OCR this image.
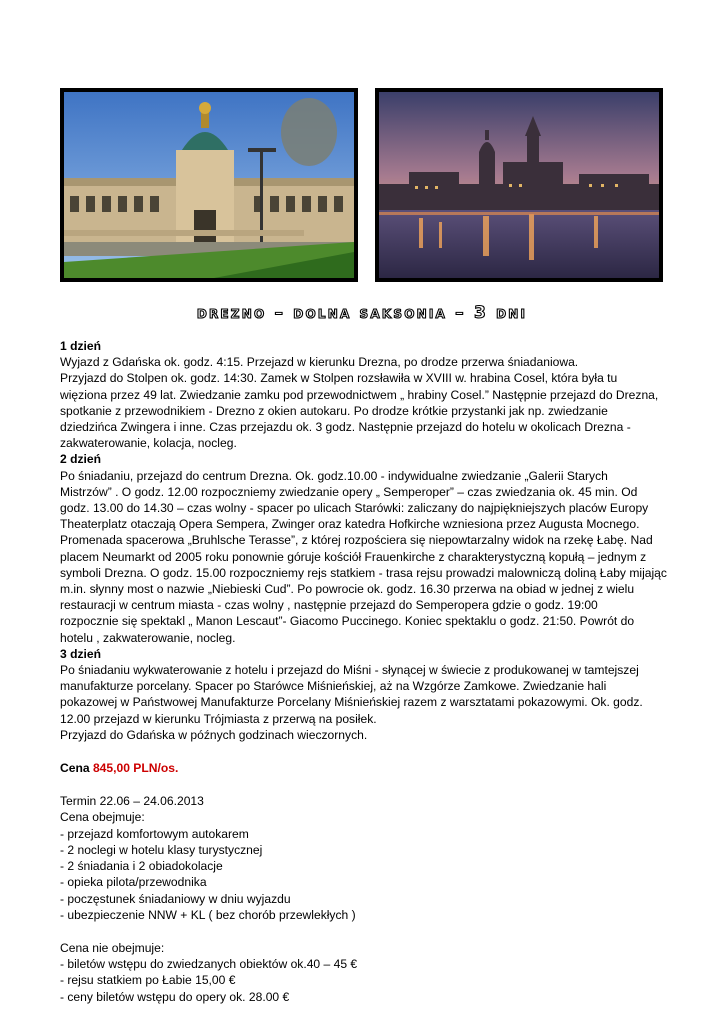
drezno – dolna saksonia – 3 dni

1 dzień

Wyjazd z Gdańska ok. godz. 4:15. Przejazd w kierunku Drezna, po drodze przerwa śniadaniowa.

Przyjazd do Stolpen ok. godz. 14:30. Zamek w Stolpen rozsławiła w XVIII w. hrabina Cosel, która była tu

więziona przez 49 lat. Zwiedzanie zamku pod przewodnictwem „ hrabiny Cosel.” Następnie przejazd do Drezna,

spotkanie z przewodnikiem - Drezno z okien autokaru. Po drodze krótkie przystanki jak np. zwiedzanie

dziedzińca Zwingera i inne. Czas przejazdu ok. 3 godz. Następnie przejazd do hotelu w okolicach Drezna -

zakwaterowanie, kolacja, nocleg.

2 dzień

Po śniadaniu, przejazd do centrum Drezna. Ok. godz.10.00 - indywidualne zwiedzanie „Galerii Starych

Mistrzów” . O godz. 12.00 rozpoczniemy zwiedzanie opery „ Semperoper” – czas zwiedzania ok. 45 min. Od

godz. 13.00 do 14.30 – czas wolny - spacer po ulicach Starówki: zaliczany do najpiękniejszych placów Europy

Theaterplatz otaczają Opera Sempera, Zwinger oraz katedra Hofkirche wzniesiona przez Augusta Mocnego.

Promenada spacerowa „Bruhlsche Terasse”, z której rozpościera się niepowtarzalny widok na rzekę Łabę. Nad

placem Neumarkt od 2005 roku ponownie góruje kościół Frauenkirche z charakterystyczną kopułą – jednym z

symboli Drezna. O godz. 15.00 rozpoczniemy rejs statkiem - trasa rejsu prowadzi malowniczą doliną Łaby mijając

m.in. słynny most o nazwie „Niebieski Cud”. Po powrocie ok. godz. 16.30 przerwa na obiad w jednej z wielu

restauracji w centrum miasta - czas wolny , następnie przejazd do Semperopera gdzie o godz. 19:00

rozpocznie się spektakl „ Manon Lescaut”- Giacomo Puccinego. Koniec spektaklu o godz. 21:50. Powrót do

hotelu , zakwaterowanie, nocleg.

3 dzień

Po śniadaniu wykwaterowanie z hotelu i przejazd do Miśni - słynącej w świecie z produkowanej w tamtejszej

manufakturze porcelany. Spacer po Starówce Miśnieńskiej, aż na Wzgórze Zamkowe. Zwiedzanie hali

pokazowej w Państwowej Manufakturze Porcelany Miśnieńskiej razem z warsztatami pokazowymi. Ok. godz.

12.00 przejazd w kierunku Trójmiasta z przerwą na posiłek.

Przyjazd do Gdańska w późnych godzinach wieczornych.

Cena 845,00 PLN/os.

Termin 22.06 – 24.06.2013

Cena obejmuje:

- przejazd komfortowym autokarem

- 2 noclegi w hotelu klasy turystycznej

- 2 śniadania i 2 obiadokolacje

- opieka pilota/przewodnika

- poczęstunek śniadaniowy w dniu wyjazdu

- ubezpieczenie NNW + KL ( bez chorób przewlekłych )

Cena nie obejmuje:

- biletów wstępu do zwiedzanych obiektów ok.40 – 45 €

- rejsu statkiem po Łabie 15,00 €

- ceny biletów wstępu do opery ok. 28.00 €
